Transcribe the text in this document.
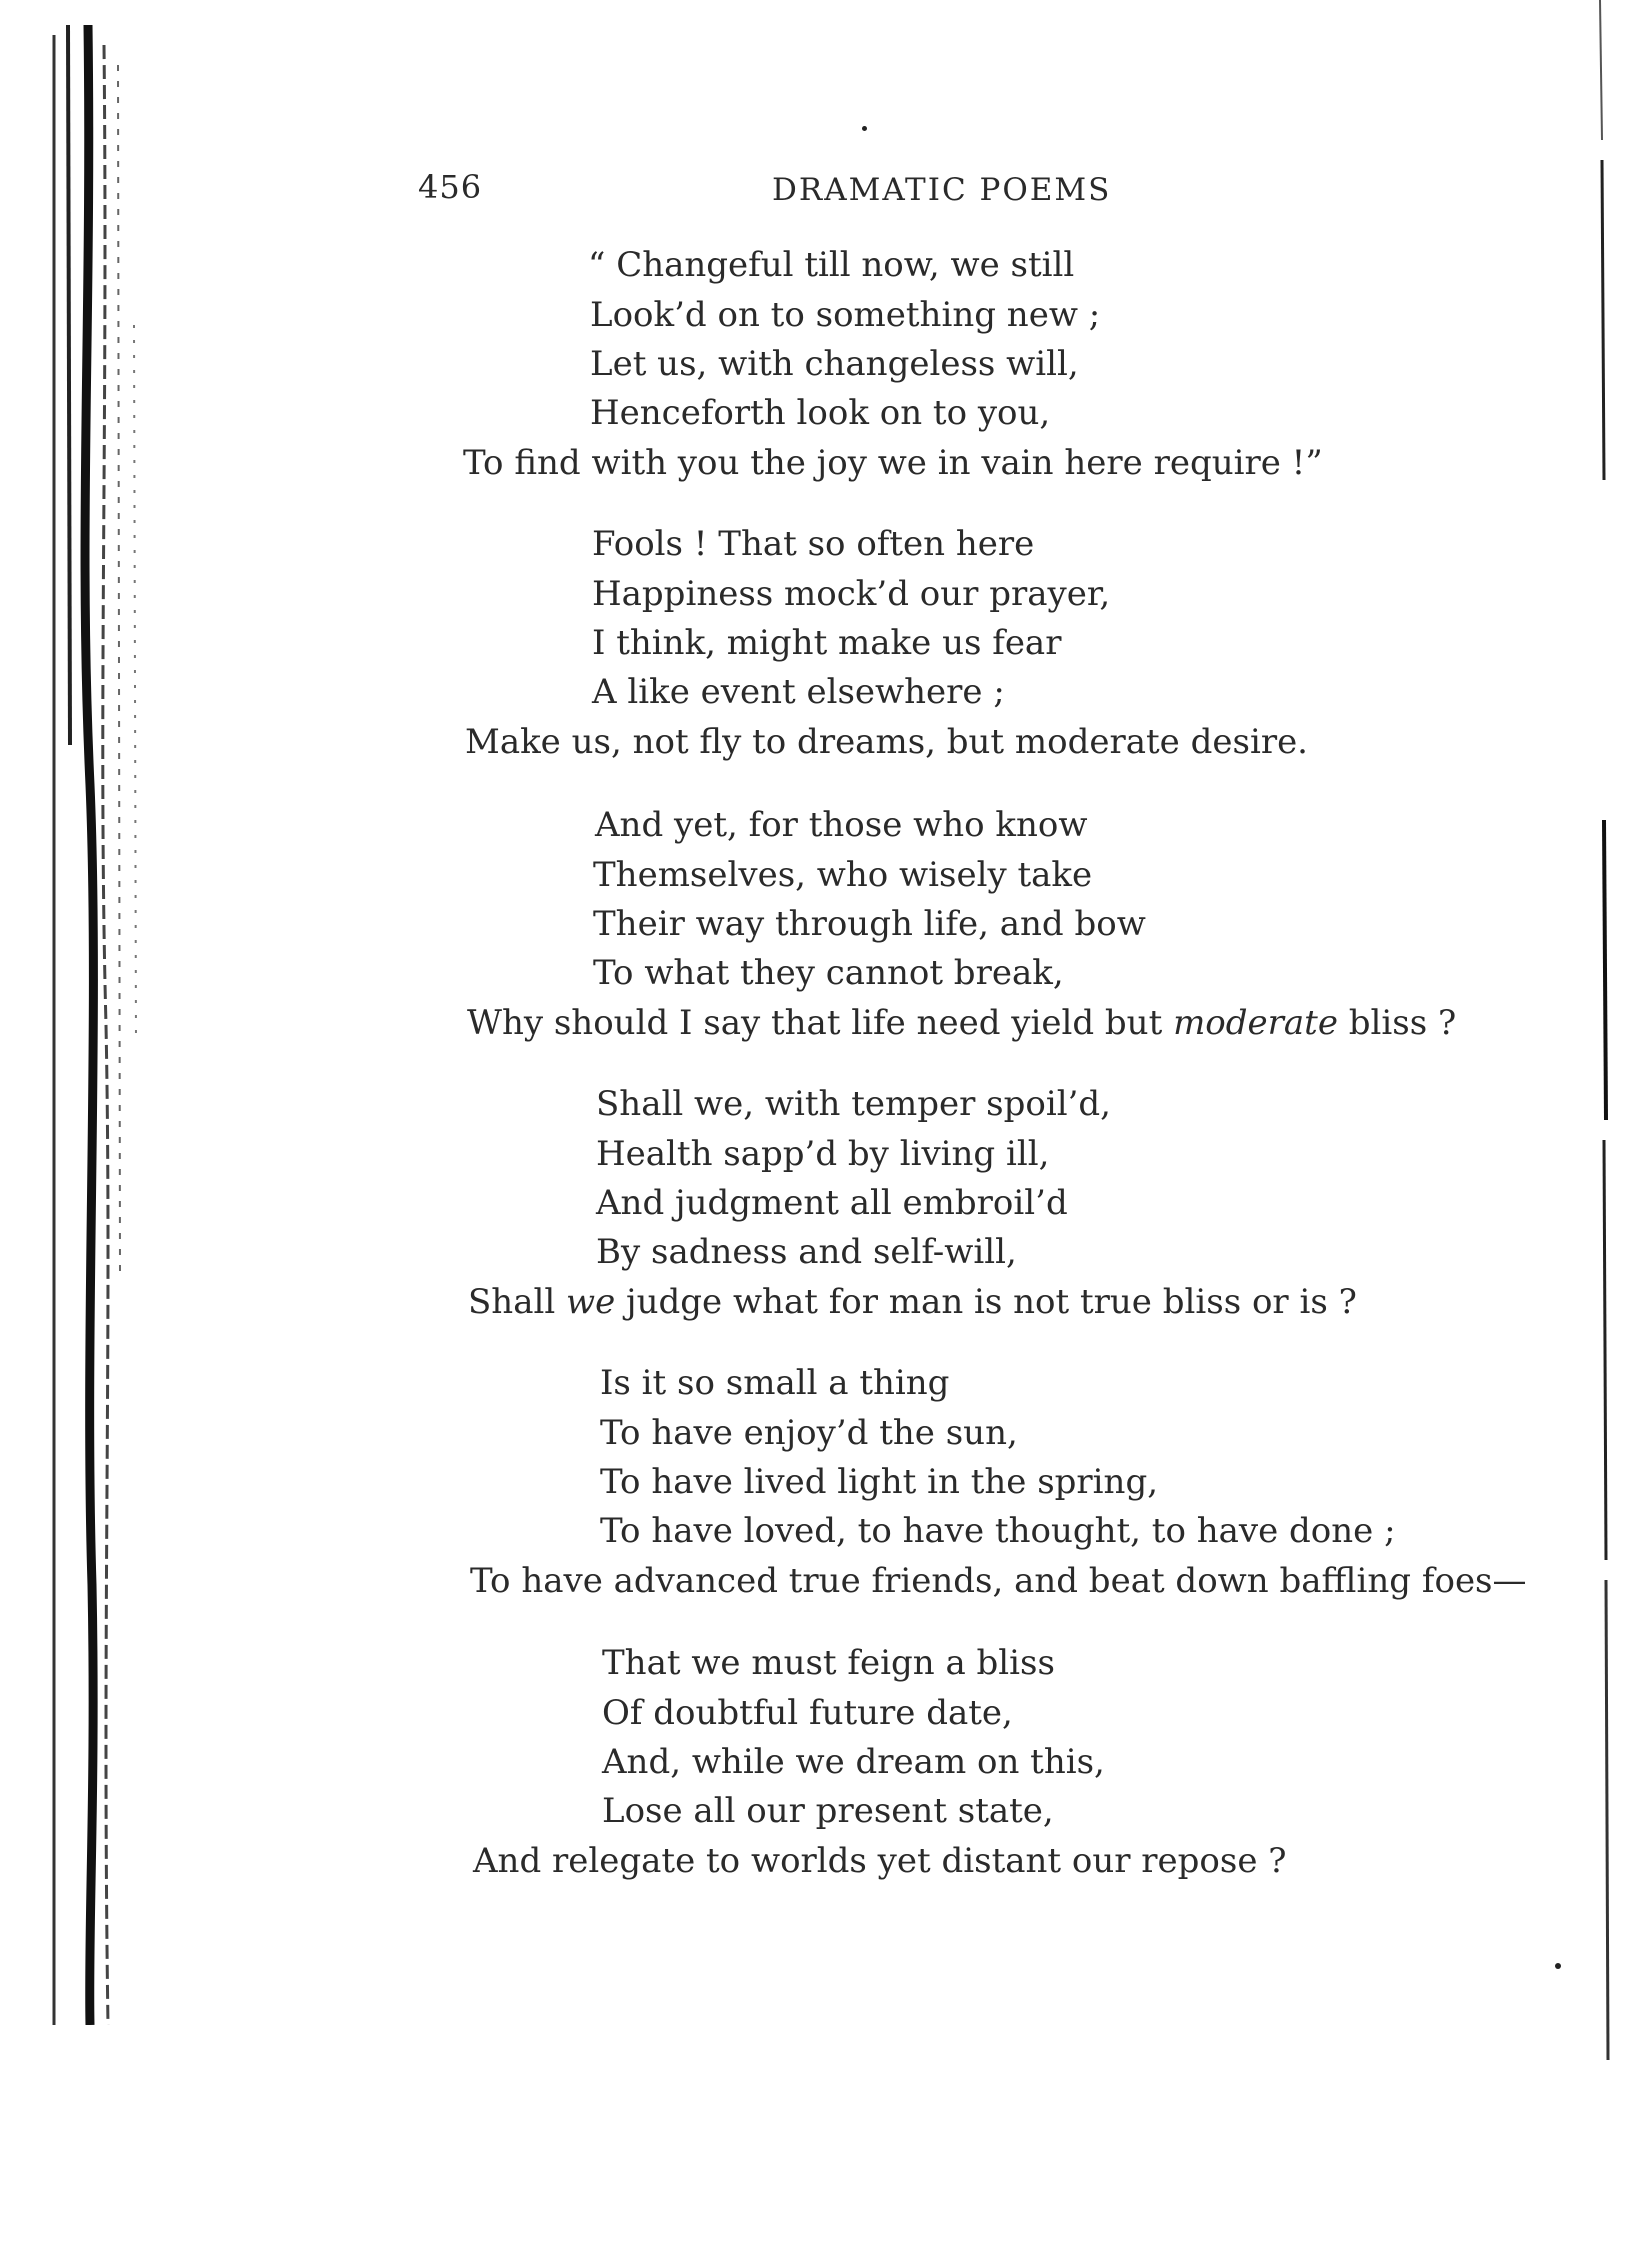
456	DRAMATIC POEMS
“ Changeful till now, we still
Look’d on to something new ;
Let us, with changeless will,
Henceforth look on to you,
To find with you the joy we in vain here require !”
Fools ! That so often here
Happiness mock’d our prayer,
I think, might make us fear
A like event elsewhere ;
Make us, not fly to dreams, but moderate desire.
And yet, for those who know
Themselves, who wisely take
Their way through life, and bow
To what they cannot break,
Why should I say that life need yield but moderate bliss ?
Shall we, with temper spoil’d,
Health sapp’d by living ill,
And judgment all embroil’d
By sadness and self-will,
Shall we judge what for man is not true bliss or is ?
Is it so small a thing
To have enjoy’d the sun,
To have lived light in the spring,
To have loved, to have thought, to have done ;
To have advanced true friends, and beat down baffling foes—
That we must feign a bliss
Of doubtful future date,
And, while we dream on this,
Lose all our present state,
And relegate to worlds yet distant our repose ?
